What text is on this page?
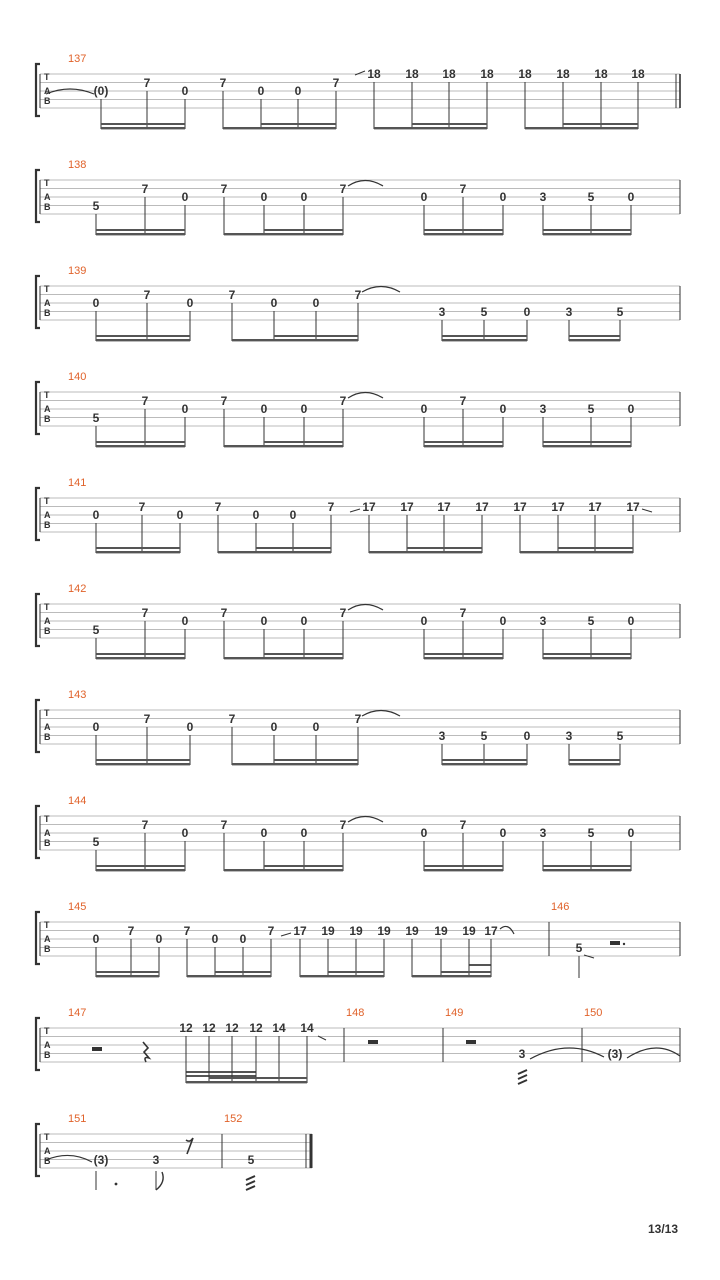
T
A
B
137
(0)
7
0
7
0	0
7
18 18 18 18 18 18 18 18
T
A
B
138
5
7
0
7
0	0
7
0
7
0	3	5	0
T
A
B
139
0
7
0
7
0	0
7
3	5	0	3	5
T
A
B
140
5
7
0
7
0	0
7
0
7
0	3	5	0
T
A
B
141
0
7
0
7
0	0
7 17 17 17 17 17 17 17 17
T
A
B
142
5
7
0
7
0	0
7
0
7
0	3	5	0
T
A
B
143
0
7
0
7
0	0
7
3	5	0	3	5
T
A
B
144
5
7
0
7
0	0
7
0
7
0	3	5	0
T
A
B
145	146
0
7
0
7
0 0
7 17 19 19 19 19 19 19 17
5
T
A
B
147	148	149	150
12 12 12 12 14 14
3	(3)
T
A
B
151	152
(3)	3	5
13/13
